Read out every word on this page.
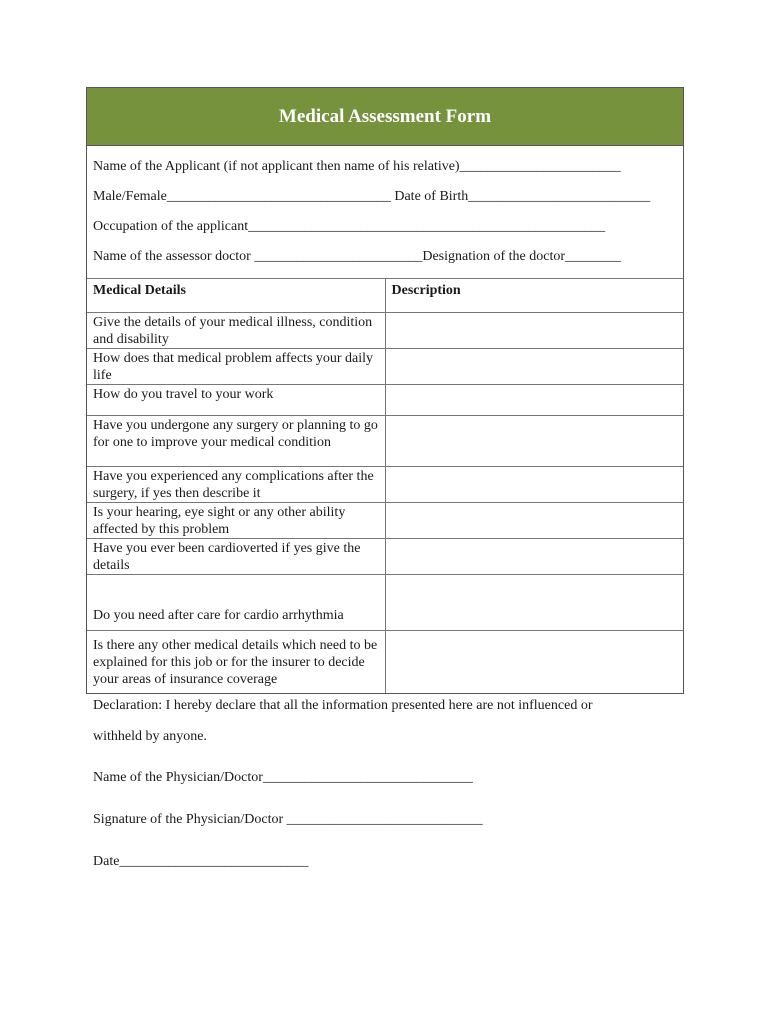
Medical Assessment Form
Name of the Applicant (if not applicant then name of his relative)_______________________
Male/Female________________________________ Date of Birth__________________________
Occupation of the applicant___________________________________________________
Name of the assessor doctor ________________________Designation of the doctor________
Medical Details	Description
Give the details of your medical illness, condition and disability	
How does that medical problem affects your daily life	
How do you travel to your work	
Have you undergone any surgery or planning to go for one to improve your medical condition	
Have you experienced any complications after the surgery, if yes then describe it	
Is your hearing, eye sight or any other ability affected by this problem	
Have you ever been cardioverted if yes give the details	
Do you need after care for cardio arrhythmia	
Is there any other medical details which need to be explained for this job or for the insurer to decide your areas of insurance coverage	
Declaration: I hereby declare that all the information presented here are not influenced or
withheld by anyone.
Name of the Physician/Doctor______________________________
Signature of the Physician/Doctor ____________________________
Date___________________________
